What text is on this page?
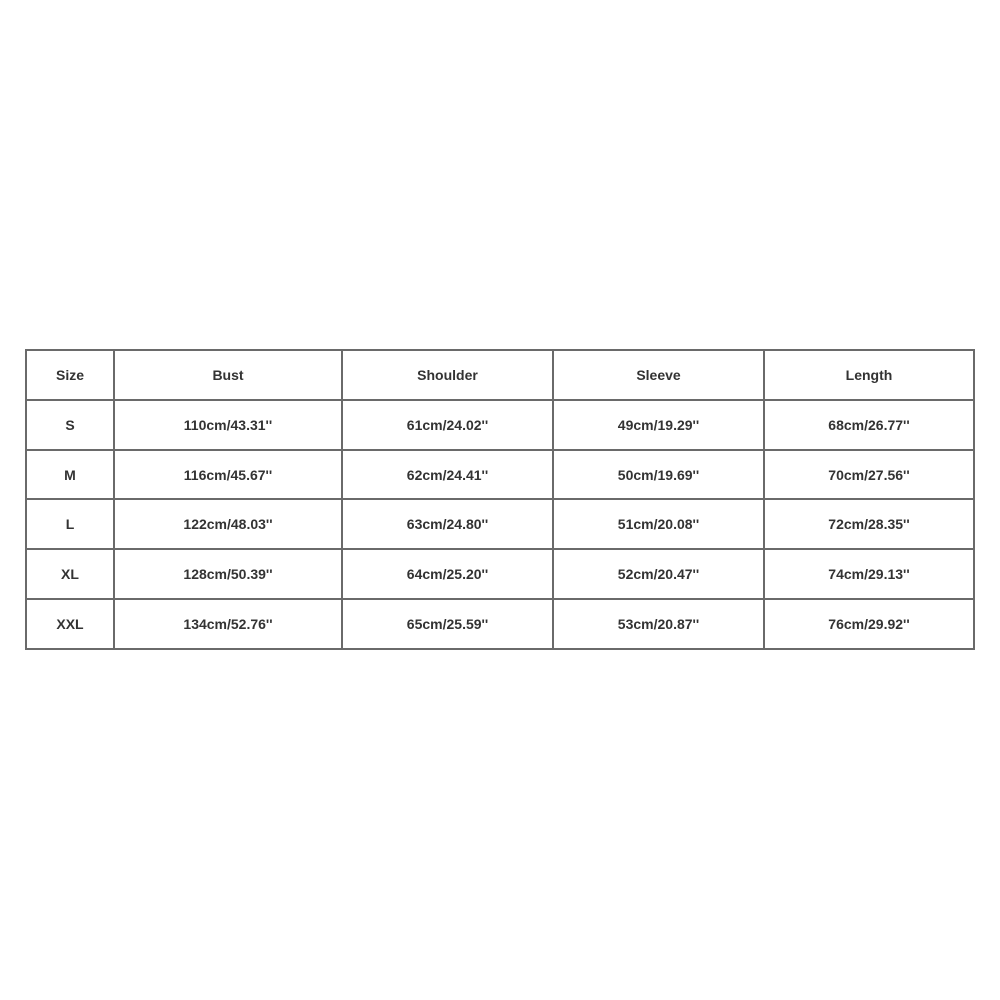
Size	Bust	Shoulder	Sleeve	Length
S	110cm/43.31''	61cm/24.02''	49cm/19.29''	68cm/26.77''
M	116cm/45.67''	62cm/24.41''	50cm/19.69''	70cm/27.56''
L	122cm/48.03''	63cm/24.80''	51cm/20.08''	72cm/28.35''
XL	128cm/50.39''	64cm/25.20''	52cm/20.47''	74cm/29.13''
XXL	134cm/52.76''	65cm/25.59''	53cm/20.87''	76cm/29.92''
